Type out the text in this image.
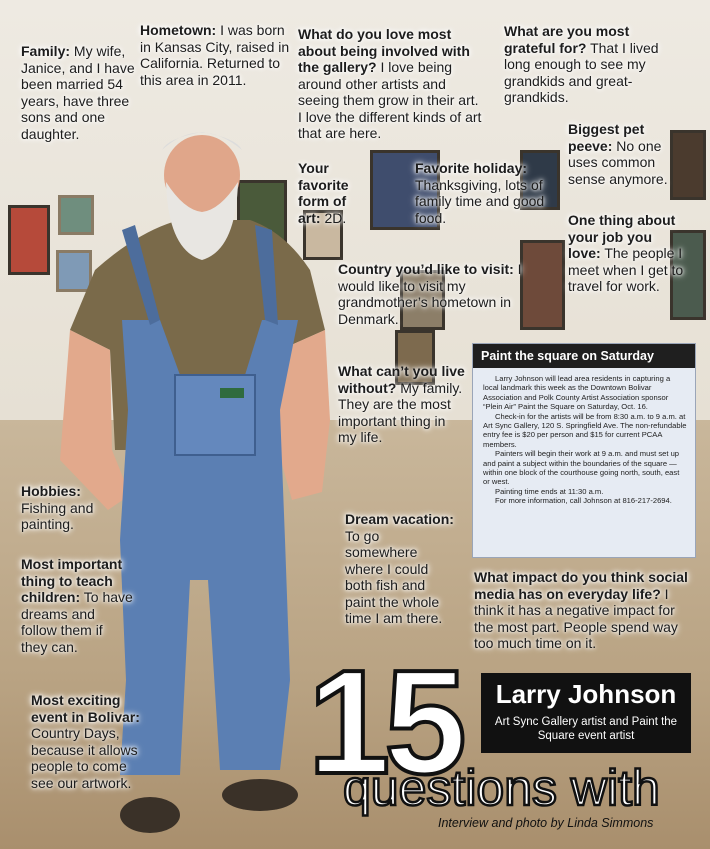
Family: My wife, Janice, and I have been married 54 years, have three sons and one daughter.
Hometown: I was born in Kansas City, raised in California. Returned to this area in 2011.
What do you love most about being involved with the gallery? I love being around other artists and seeing them grow in their art. I love the different kinds of art that are here.
What are you most grateful for? That I lived long enough to see my grandkids and great-grandkids.
Biggest pet peeve: No one uses common sense anymore.
Your favorite form of art: 2D.
Favorite holiday: Thanksgiving, lots of family time and good food.	One thing about your job you love: The people I meet when I get to travel for work.
Country you’d like to visit: I would like to visit my grandmother’s hometown in Denmark.
What can’t you live without? My family. They are the most important thing in my life.
Hobbies: Fishing and painting.	Dream vacation: To go somewhere where I could both fish and paint the whole time I am there.
Most important thing to teach children: To have dreams and follow them if they can.
What impact do you think social media has on everyday life? I think it has a negative impact for the most part. People spend way too much time on it.
Most exciting event in Bolivar: Country Days, because it allows people to come see our artwork.
Paint the square on Saturday

Larry Johnson will lead area residents in capturing a local landmark this week as the Downtown Bolivar Association and Polk County Artist Association sponsor “Plein Air” Paint the Square on Saturday, Oct. 16.

Check-in for the artists will be from 8:30 a.m. to 9 a.m. at Art Sync Gallery, 120 S. Springfield Ave. The non-refundable entry fee is $20 per person and $15 for current PCAA members.

Painters will begin their work at 9 a.m. and must set up and paint a subject within the boundaries of the square — within one block of the courthouse going north, south, east or west.

Painting time ends at 11:30 a.m.

For more information, call Johnson at 816-217-2694.

15	Larry Johnson
Art Sync Gallery artist and Paint the Square event artist
questions with
Interview and photo by Linda Simmons
